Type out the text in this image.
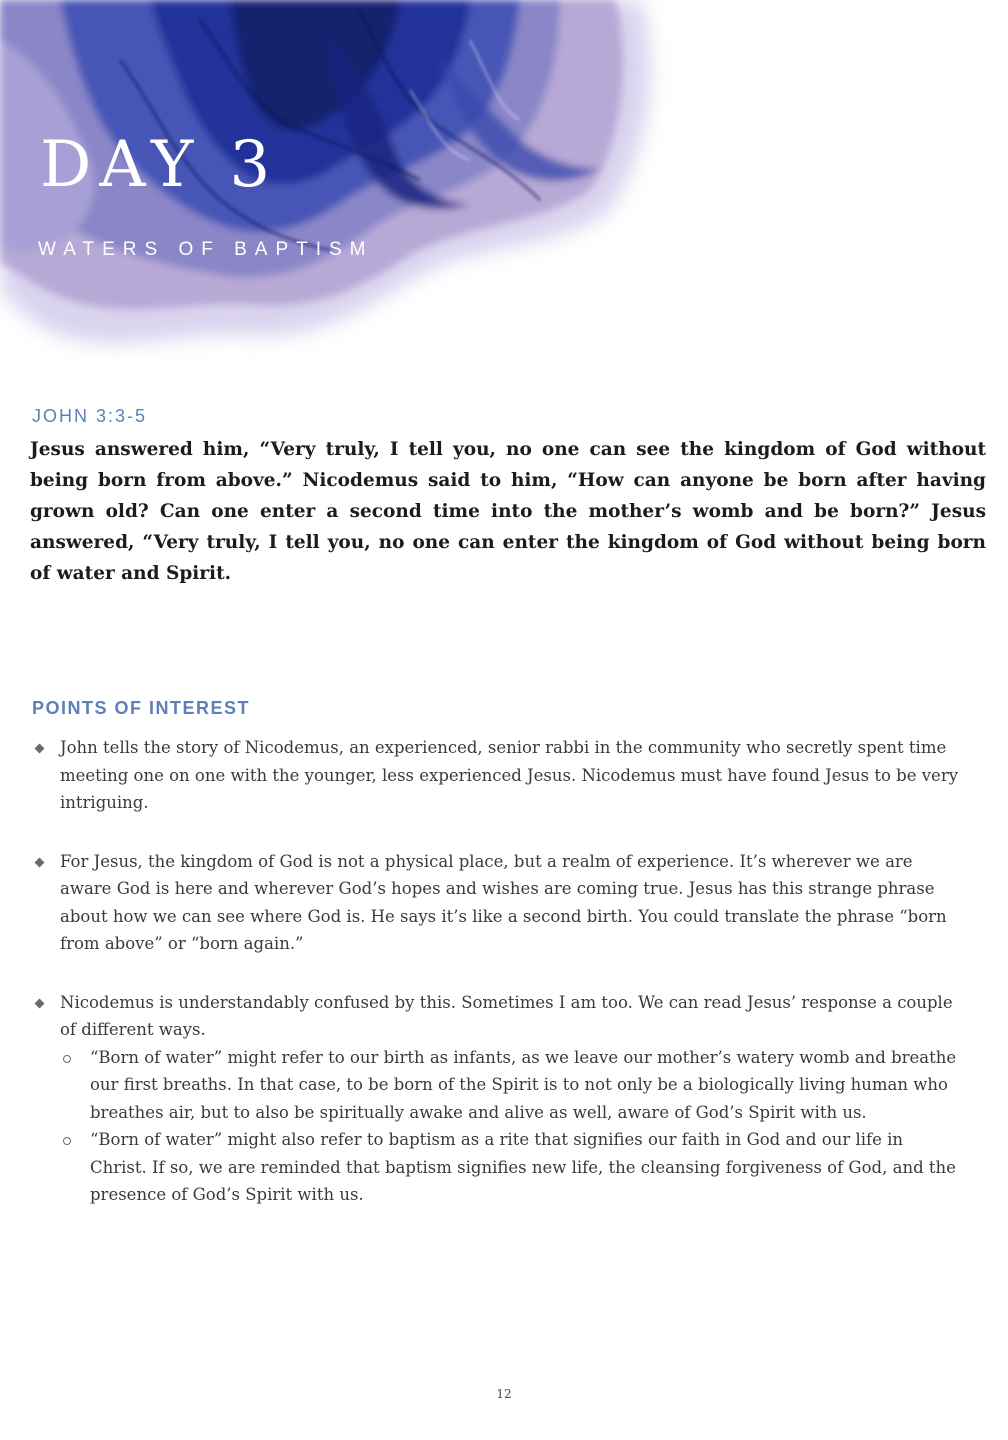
DAY 3

WATERS OF BAPTISM

JOHN 3:3-5

Jesus answered him, “Very truly, I tell you, no one can see the kingdom of God without being born from above.” Nicodemus said to him, “How can anyone be born after having grown old? Can one enter a second time into the mother’s womb and be born?” Jesus answered, “Very truly, I tell you, no one can enter the kingdom of God without being born of water and Spirit.

POINTS OF INTEREST
John tells the story of Nicodemus, an experienced, senior rabbi in the community who secretly spent time meeting one on one with the younger, less experienced Jesus. Nicodemus must have found Jesus to be very intriguing.
For Jesus, the kingdom of God is not a physical place, but a realm of experience. It’s wherever we are aware God is here and wherever God’s hopes and wishes are coming true. Jesus has this strange phrase about how we can see where God is. He says it’s like a second birth. You could translate the phrase “born from above” or “born again.”
Nicodemus is understandably confused by this. Sometimes I am too. We can read Jesus’ response a couple of different ways.
“Born of water” might refer to our birth as infants, as we leave our mother’s watery womb and breathe our first breaths. In that case, to be born of the Spirit is to not only be a biologically living human who breathes air, but to also be spiritually awake and alive as well, aware of God’s Spirit with us.
“Born of water” might also refer to baptism as a rite that signifies our faith in God and our life in Christ. If so, we are reminded that baptism signifies new life, the cleansing forgiveness of God, and the presence of God’s Spirit with us.

12
